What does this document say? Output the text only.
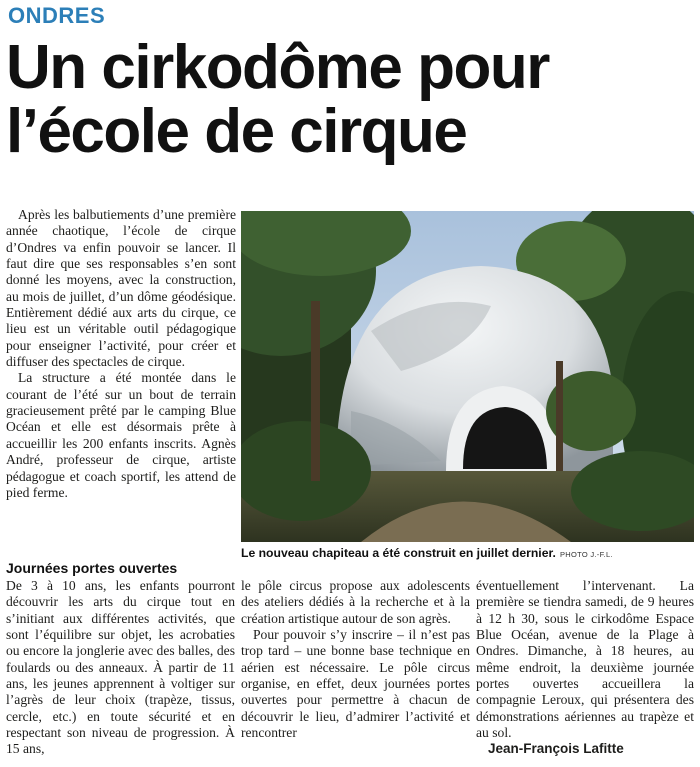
ONDRES
Un cirkodôme pour
l’école de cirque

Après les balbutiements d’une première année chaotique, l’école de cirque d’Ondres va enfin pouvoir se lancer. Il faut dire que ses responsables s’en sont donné les moyens, avec la construction, au mois de juillet, d’un dôme géodésique. Entièrement dédié aux arts du cirque, ce lieu est un véritable outil pédagogique pour enseigner l’activité, pour créer et diffuser des spectacles de cirque.

La structure a été montée dans le courant de l’été sur un bout de terrain gracieusement prêté par le camping Blue Océan et elle est désormais prête à accueillir les 200 enfants inscrits. Agnès André, professeur de cirque, artiste pédagogue et coach sportif, les attend de pied ferme.

Le nouveau chapiteau a été construit en juillet dernier. PHOTO J.-F.L.
Journées portes ouvertes

De 3 à 10 ans, les enfants pourront découvrir les arts du cirque tout en s’initiant aux différentes activités, que sont l’équilibre sur objet, les acrobaties ou encore la jonglerie avec des balles, des foulards ou des anneaux. À partir de 11 ans, les jeunes apprennent à voltiger sur l’agrès de leur choix (trapèze, tissus, cercle, etc.) en toute sécurité et en respectant son niveau de progression. À 15 ans,

le pôle circus propose aux adolescents des ateliers dédiés à la recherche et à la création artistique autour de son agrès.

Pour pouvoir s’y inscrire – il n’est pas trop tard – une bonne base technique en aérien est nécessaire. Le pôle circus organise, en effet, deux journées portes ouvertes pour permettre à chacun de découvrir le lieu, d’admirer l’activité et rencontrer

éventuellement l’intervenant. La première se tiendra samedi, de 9 heures à 12 h 30, sous le cirkodôme Espace Blue Océan, avenue de la Plage à Ondres. Dimanche, à 18 heures, au même endroit, la deuxième journée portes ouvertes accueillera la compagnie Leroux, qui présentera des démonstrations aériennes au trapèze et au sol.

Jean-François Lafitte
